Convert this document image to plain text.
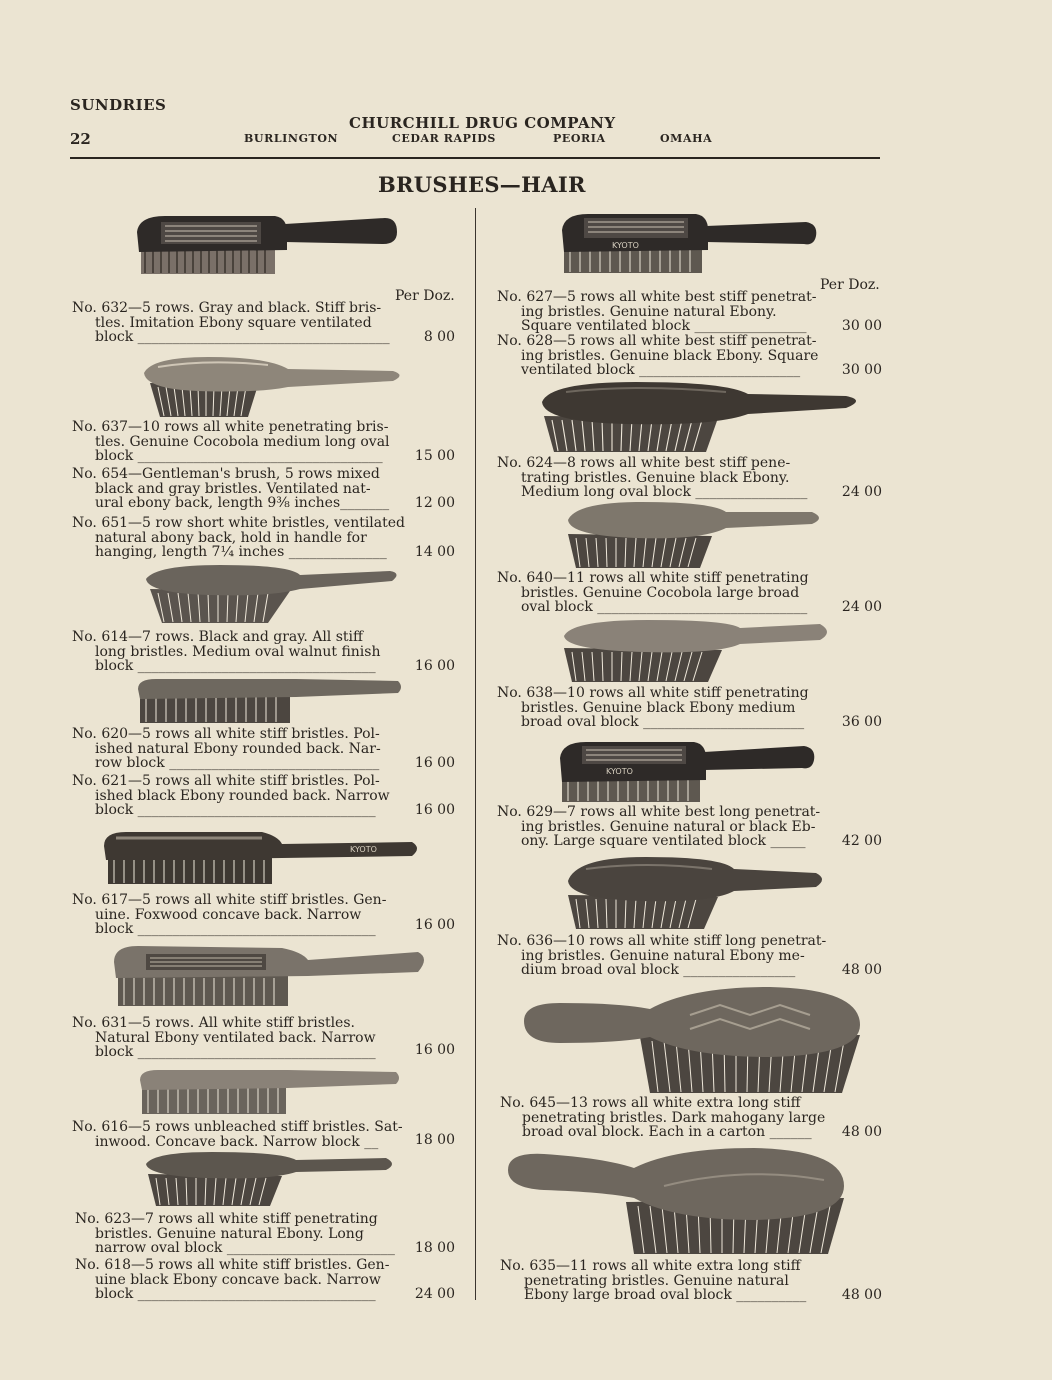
SUNDRIES
22
CHURCHILL DRUG COMPANY
BURLINGTON	CEDAR RAPIDS	PEORIA	OMAHA
BRUSHES—HAIR
Per Doz.
Per Doz.
KYOTO
KYOTO
KYOTO
No. 632—5 rows. Gray and black. Stiff bris-
tles. Imitation Ebony square ventilated
block ____________________________________	8 00
No. 637—10 rows all white penetrating bris-
tles. Genuine Cocobola medium long oval
block ___________________________________	15 00
No. 654—Gentleman's brush, 5 rows mixed
black and gray bristles. Ventilated nat-
ural ebony back, length 9⅜ inches_______	12 00
No. 651—5 row short white bristles, ventilated
natural abony back, hold in handle for
hanging, length 7¼ inches ______________	14 00
No. 614—7 rows. Black and gray. All stiff
long bristles. Medium oval walnut finish
block __________________________________	16 00
No. 620—5 rows all white stiff bristles. Pol-
ished natural Ebony rounded back. Nar-
row block ______________________________	16 00
No. 621—5 rows all white stiff bristles. Pol-
ished black Ebony rounded back. Narrow
block __________________________________	16 00
No. 617—5 rows all white stiff bristles. Gen-
uine. Foxwood concave back. Narrow
block __________________________________	16 00
No. 631—5 rows. All white stiff bristles.
Natural Ebony ventilated back. Narrow
block __________________________________	16 00
No. 616—5 rows unbleached stiff bristles. Sat-
inwood. Concave back. Narrow block __	18 00
No. 623—7 rows all white stiff penetrating
bristles. Genuine natural Ebony. Long
narrow oval block ________________________	18 00
No. 618—5 rows all white stiff bristles. Gen-
uine black Ebony concave back. Narrow
block __________________________________	24 00
No. 627—5 rows all white best stiff penetrat-
ing bristles. Genuine natural Ebony.
Square ventilated block ________________	30 00
No. 628—5 rows all white best stiff penetrat-
ing bristles. Genuine black Ebony. Square
ventilated block _______________________	30 00
No. 624—8 rows all white best stiff pene-
trating bristles. Genuine black Ebony.
Medium long oval block ________________	24 00
No. 640—11 rows all white stiff penetrating
bristles. Genuine Cocobola large broad
oval block ______________________________	24 00
No. 638—10 rows all white stiff penetrating
bristles. Genuine black Ebony medium
broad oval block _______________________	36 00
No. 629—7 rows all white best long penetrat-
ing bristles. Genuine natural or black Eb-
ony. Large square ventilated block _____	42 00
No. 636—10 rows all white stiff long penetrat-
ing bristles. Genuine natural Ebony me-
dium broad oval block ________________	48 00
No. 645—13 rows all white extra long stiff
penetrating bristles. Dark mahogany large
broad oval block. Each in a carton ______	48 00
No. 635—11 rows all white extra long stiff
penetrating bristles. Genuine natural
Ebony large broad oval block __________	48 00
